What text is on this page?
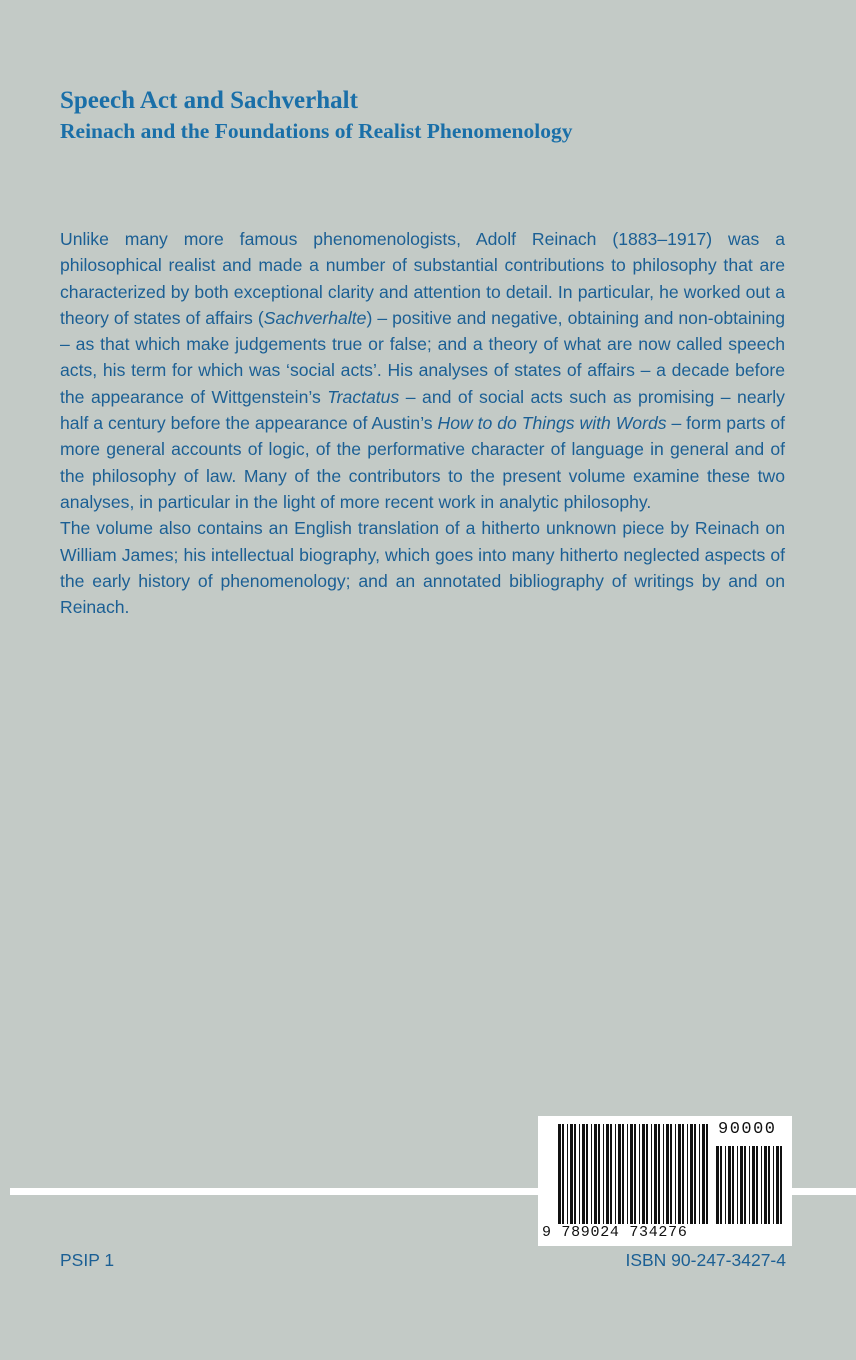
Speech Act and Sachverhalt
Reinach and the Foundations of Realist Phenomenology

Unlike many more famous phenomenologists, Adolf Reinach (1883–1917) was a philosophical realist and made a number of substantial contributions to philosophy that are characterized by both exceptional clarity and attention to detail. In particular, he worked out a theory of states of affairs (Sachverhalte) – positive and negative, obtaining and non-obtaining – as that which make judgements true or false; and a theory of what are now called speech acts, his term for which was ‘social acts’. His analyses of states of affairs – a decade before the appearance of Wittgenstein’s Tractatus – and of social acts such as promising – nearly half a century before the appearance of Austin’s How to do Things with Words – form parts of more general accounts of logic, of the performative character of language in general and of the philosophy of law. Many of the contributors to the present volume examine these two analyses, in particular in the light of more recent work in analytic philosophy.

The volume also contains an English translation of a hitherto unknown piece by Reinach on William James; his intellectual biography, which goes into many hitherto neglected aspects of the early history of phenomenology; and an annotated bibliography of writings by and on Reinach.

9 789024 734276
90000
PSIP 1	ISBN 90-247-3427-4
